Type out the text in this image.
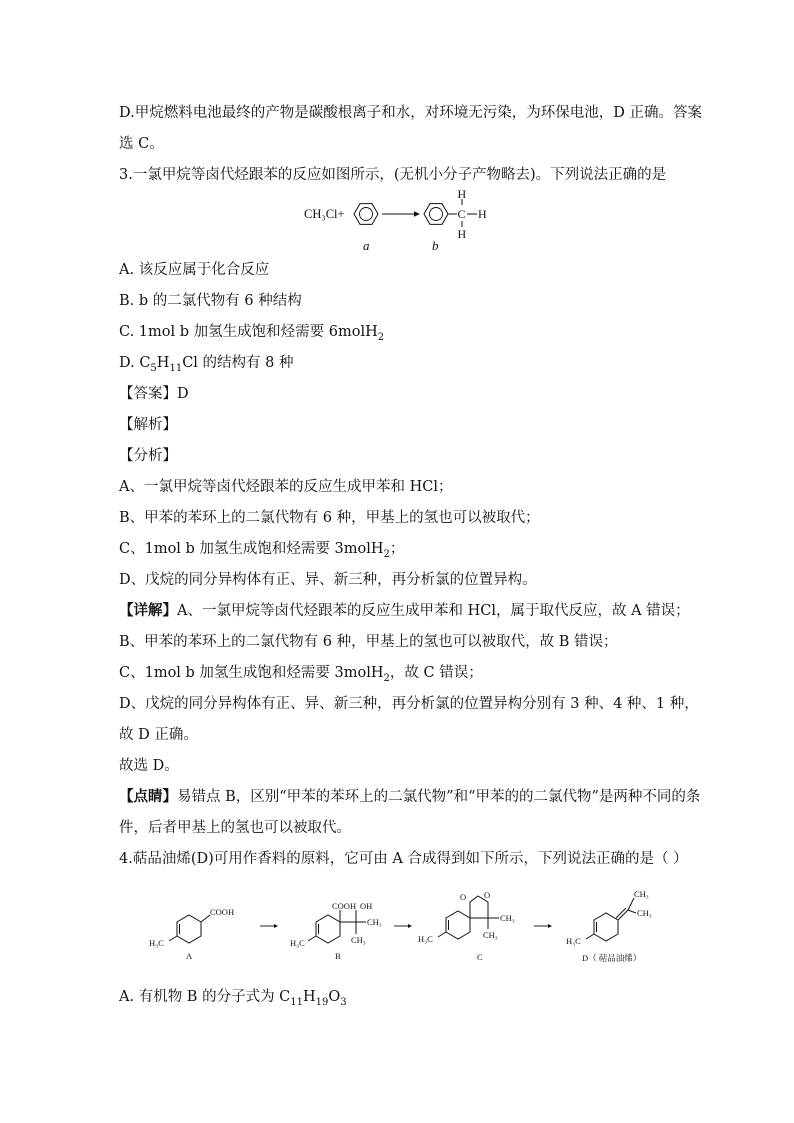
D.甲烷燃料电池最终的产物是碳酸根离子和水，对环境无污染，为环保电池，D 正确。答案
选 C。
3.一氯甲烷等卤代烃跟苯的反应如图所示，(无机小分子产物略去)。下列说法正确的是
CH₃Cl+	C
H
H
H
a	b
A. 该反应属于化合反应
B. b 的二氯代物有 6 种结构
C. 1mol b 加氢生成饱和烃需要 6molH$_2$
D. $C_5H_{11}Cl$ 的结构有 8 种
【答案】D
【解析】
【分析】
A、一氯甲烷等卤代烃跟苯的反应生成甲苯和 HCl；
B、甲苯的苯环上的二氯代物有 6 种，甲基上的氢也可以被取代；
C、1mol b 加氢生成饱和烃需要 3molH$_2$；
D、戊烷的同分异构体有正、异、新三种，再分析氯的位置异构。
【详解】A、一氯甲烷等卤代烃跟苯的反应生成甲苯和 HCl，属于取代反应，故 A 错误；
B、甲苯的苯环上的二氯代物有 6 种，甲基上的氢也可以被取代，故 B 错误；
C、1mol b 加氢生成饱和烃需要 3molH$_2$，故 C 错误；
D、戊烷的同分异构体有正、异、新三种，再分析氯的位置异构分别有 3 种、4 种、1 种，
故 D 正确。
故选 D。
【点睛】易错点 B，区别“甲苯的苯环上的二氯代物”和“甲苯的的二氯代物”是两种不同的条
件，后者甲基上的氢也可以被取代。
4.萜品油烯(D)可用作香料的原料，它可由 A 合成得到如下所示，下列说法正确的是（ ）
COOH
H₃C
A
COOH OH
CH₃
CH₃
H₃C
B
O O
CH₃
CH₃
H₃C
C
CH₃
CH₃
H₃C
D（ 萜品油烯）
A. 有机物 B 的分子式为 $C_{11}H_{19}O_3$
